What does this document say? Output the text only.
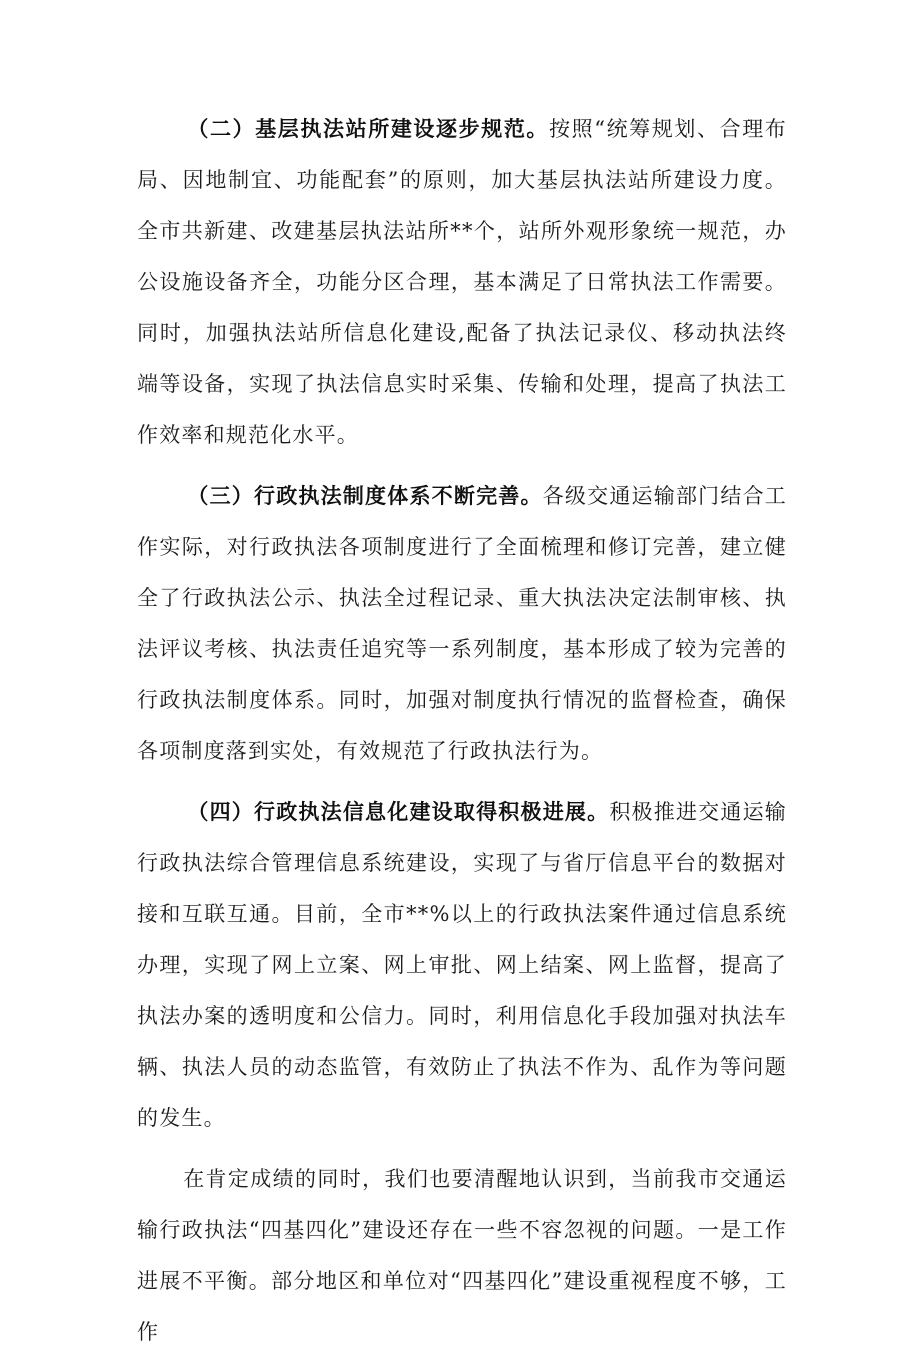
（二）基层执法站所建设逐步规范。按照“统筹规划、合理布局、因地制宜、功能配套”的原则，加大基层执法站所建设力度。全市共新建、改建基层执法站所**个，站所外观形象统一规范，办公设施设备齐全，功能分区合理，基本满足了日常执法工作需要。同时，加强执法站所信息化建设,配备了执法记录仪、移动执法终端等设备，实现了执法信息实时采集、传输和处理，提高了执法工作效率和规范化水平。

（三）行政执法制度体系不断完善。各级交通运输部门结合工作实际，对行政执法各项制度进行了全面梳理和修订完善，建立健全了行政执法公示、执法全过程记录、重大执法决定法制审核、执法评议考核、执法责任追究等一系列制度，基本形成了较为完善的行政执法制度体系。同时，加强对制度执行情况的监督检查，确保各项制度落到实处，有效规范了行政执法行为。

（四）行政执法信息化建设取得积极进展。积极推进交通运输行政执法综合管理信息系统建设，实现了与省厅信息平台的数据对接和互联互通。目前，全市**%以上的行政执法案件通过信息系统办理，实现了网上立案、网上审批、网上结案、网上监督，提高了执法办案的透明度和公信力。同时，利用信息化手段加强对执法车辆、执法人员的动态监管，有效防止了执法不作为、乱作为等问题的发生。

在肯定成绩的同时，我们也要清醒地认识到，当前我市交通运输行政执法“四基四化”建设还存在一些不容忽视的问题。一是工作进展不平衡。部分地区和单位对“四基四化”建设重视程度不够，工作
